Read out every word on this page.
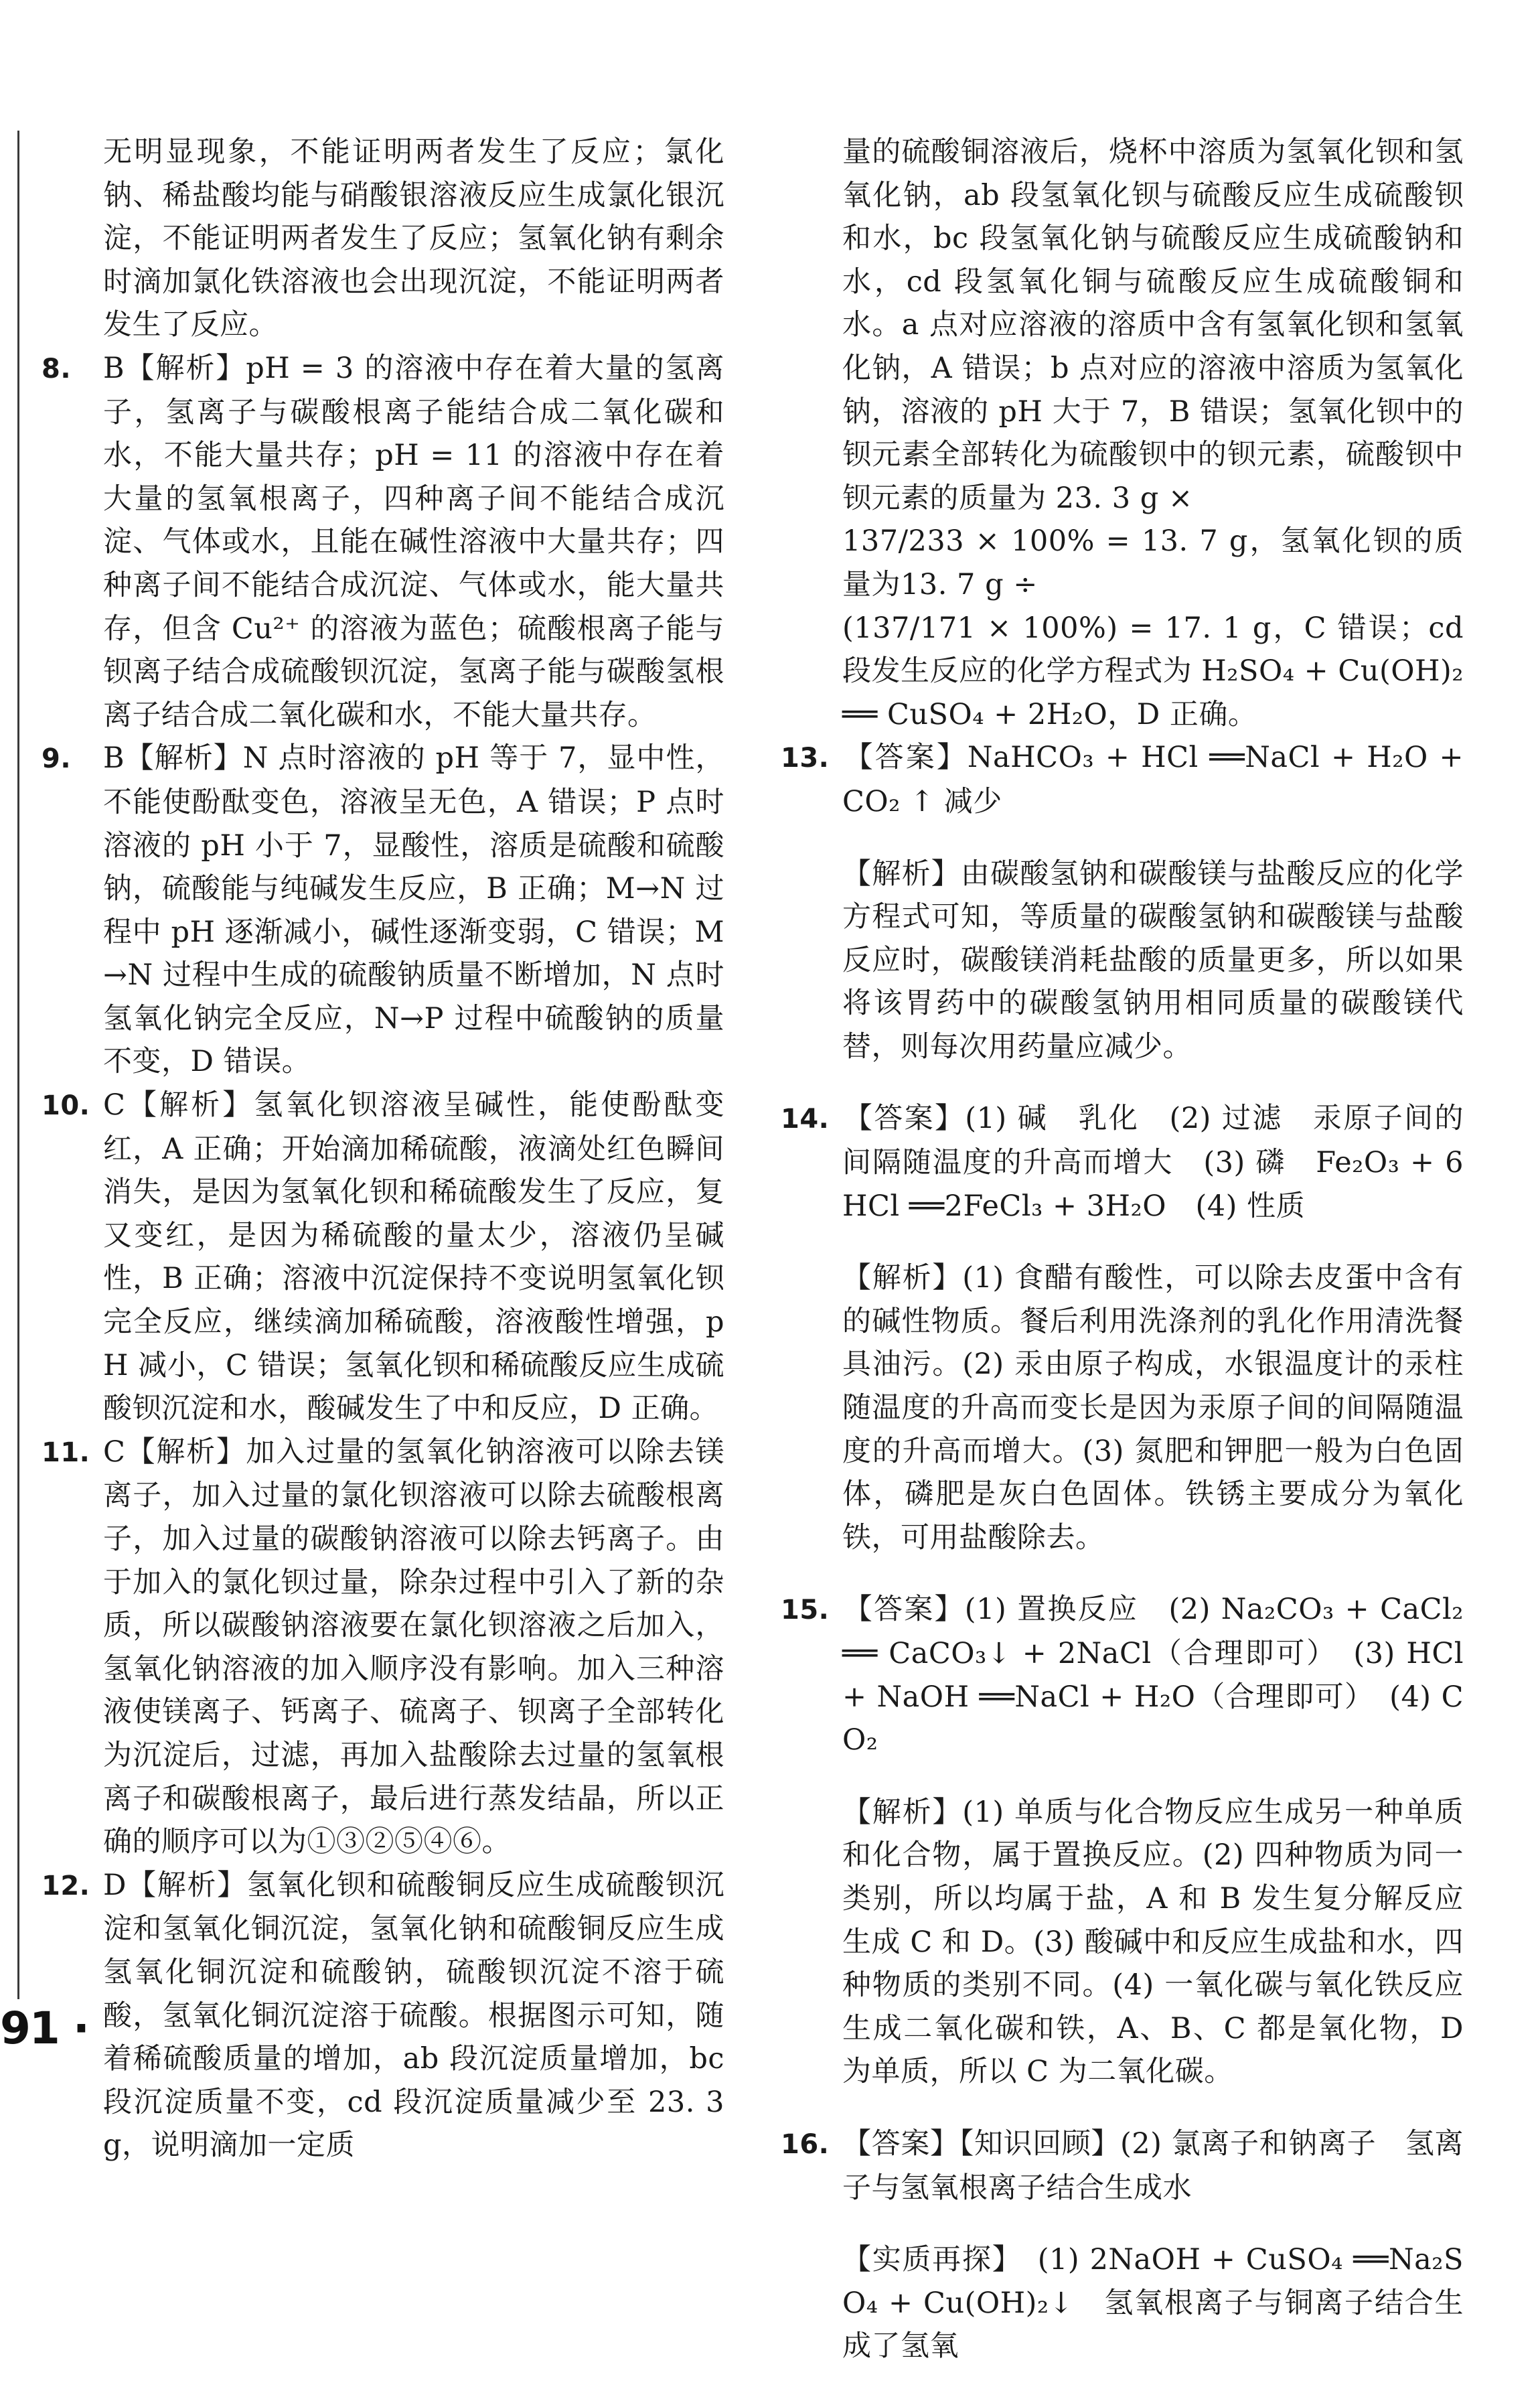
无明显现象，不能证明两者发生了反应；氯化钠、稀盐酸均能与硝酸银溶液反应生成氯化银沉淀，不能证明两者发生了反应；氢氧化钠有剩余时滴加氯化铁溶液也会出现沉淀，不能证明两者发生了反应。

8. B【解析】pH = 3 的溶液中存在着大量的氢离子，氢离子与碳酸根离子能结合成二氧化碳和水，不能大量共存；pH = 11 的溶液中存在着大量的氢氧根离子，四种离子间不能结合成沉淀、气体或水，且能在碱性溶液中大量共存；四种离子间不能结合成沉淀、气体或水，能大量共存，但含 Cu²⁺ 的溶液为蓝色；硫酸根离子能与钡离子结合成硫酸钡沉淀，氢离子能与碳酸氢根离子结合成二氧化碳和水，不能大量共存。

9. B【解析】N 点时溶液的 pH 等于 7，显中性，不能使酚酞变色，溶液呈无色，A 错误；P 点时溶液的 pH 小于 7，显酸性，溶质是硫酸和硫酸钠，硫酸能与纯碱发生反应，B 正确；M→N 过程中 pH 逐渐减小，碱性逐渐变弱，C 错误；M→N 过程中生成的硫酸钠质量不断增加，N 点时氢氧化钠完全反应，N→P 过程中硫酸钠的质量不变，D 错误。

10. C【解析】氢氧化钡溶液呈碱性，能使酚酞变红，A 正确；开始滴加稀硫酸，液滴处红色瞬间消失，是因为氢氧化钡和稀硫酸发生了反应，复又变红，是因为稀硫酸的量太少，溶液仍呈碱性，B 正确；溶液中沉淀保持不变说明氢氧化钡完全反应，继续滴加稀硫酸，溶液酸性增强，pH 减小，C 错误；氢氧化钡和稀硫酸反应生成硫酸钡沉淀和水，酸碱发生了中和反应，D 正确。

11. C【解析】加入过量的氢氧化钠溶液可以除去镁离子，加入过量的氯化钡溶液可以除去硫酸根离子，加入过量的碳酸钠溶液可以除去钙离子。由于加入的氯化钡过量，除杂过程中引入了新的杂质，所以碳酸钠溶液要在氯化钡溶液之后加入，氢氧化钠溶液的加入顺序没有影响。加入三种溶液使镁离子、钙离子、硫离子、钡离子全部转化为沉淀后，过滤，再加入盐酸除去过量的氢氧根离子和碳酸根离子，最后进行蒸发结晶，所以正确的顺序可以为①③②⑤④⑥。

12. D【解析】氢氧化钡和硫酸铜反应生成硫酸钡沉淀和氢氧化铜沉淀，氢氧化钠和硫酸铜反应生成氢氧化铜沉淀和硫酸钠，硫酸钡沉淀不溶于硫酸，氢氧化铜沉淀溶于硫酸。根据图示可知，随着稀硫酸质量的增加，ab 段沉淀质量增加，bc 段沉淀质量不变，cd 段沉淀质量减少至 23. 3 g，说明滴加一定质

量的硫酸铜溶液后，烧杯中溶质为氢氧化钡和氢氧化钠，ab 段氢氧化钡与硫酸反应生成硫酸钡和水，bc 段氢氧化钠与硫酸反应生成硫酸钠和水，cd 段氢氧化铜与硫酸反应生成硫酸铜和水。a 点对应溶液的溶质中含有氢氧化钡和氢氧化钠，A 错误；b 点对应的溶液中溶质为氢氧化钠，溶液的 pH 大于 7，B 错误；氢氧化钡中的钡元素全部转化为硫酸钡中的钡元素，硫酸钡中钡元素的质量为 23. 3 g ×

137/233 × 100% = 13. 7 g，氢氧化钡的质量为13. 7 g ÷

(137/171 × 100%) = 17. 1 g，C 错误；cd 段发生反应的化学方程式为 H₂SO₄ + Cu(OH)₂ ══ CuSO₄ + 2H₂O，D 正确。

13. 【答案】NaHCO₃ + HCl ══NaCl + H₂O + CO₂ ↑ 减少

【解析】由碳酸氢钠和碳酸镁与盐酸反应的化学方程式可知，等质量的碳酸氢钠和碳酸镁与盐酸反应时，碳酸镁消耗盐酸的质量更多，所以如果将该胃药中的碳酸氢钠用相同质量的碳酸镁代替，则每次用药量应减少。

14. 【答案】(1) 碱　乳化　(2) 过滤　汞原子间的间隔随温度的升高而增大　(3) 磷　Fe₂O₃ + 6HCl ══2FeCl₃ + 3H₂O　(4) 性质

【解析】(1) 食醋有酸性，可以除去皮蛋中含有的碱性物质。餐后利用洗涤剂的乳化作用清洗餐具油污。(2) 汞由原子构成，水银温度计的汞柱随温度的升高而变长是因为汞原子间的间隔随温度的升高而增大。(3) 氮肥和钾肥一般为白色固体，磷肥是灰白色固体。铁锈主要成分为氧化铁，可用盐酸除去。

15. 【答案】(1) 置换反应　(2) Na₂CO₃ + CaCl₂ ══ CaCO₃↓ + 2NaCl（合理即可）　(3) HCl + NaOH ══NaCl + H₂O（合理即可）　(4) CO₂

【解析】(1) 单质与化合物反应生成另一种单质和化合物，属于置换反应。(2) 四种物质为同一类别，所以均属于盐，A 和 B 发生复分解反应生成 C 和 D。(3) 酸碱中和反应生成盐和水，四种物质的类别不同。(4) 一氧化碳与氧化铁反应生成二氧化碳和铁，A、B、C 都是氧化物，D 为单质，所以 C 为二氧化碳。

16. 【答案】【知识回顾】(2) 氯离子和钠离子　氢离子与氢氧根离子结合生成水

【实质再探】　(1) 2NaOH + CuSO₄ ══Na₂SO₄ + Cu(OH)₂↓　氢氧根离子与铜离子结合生成了氢氧

91 ·
